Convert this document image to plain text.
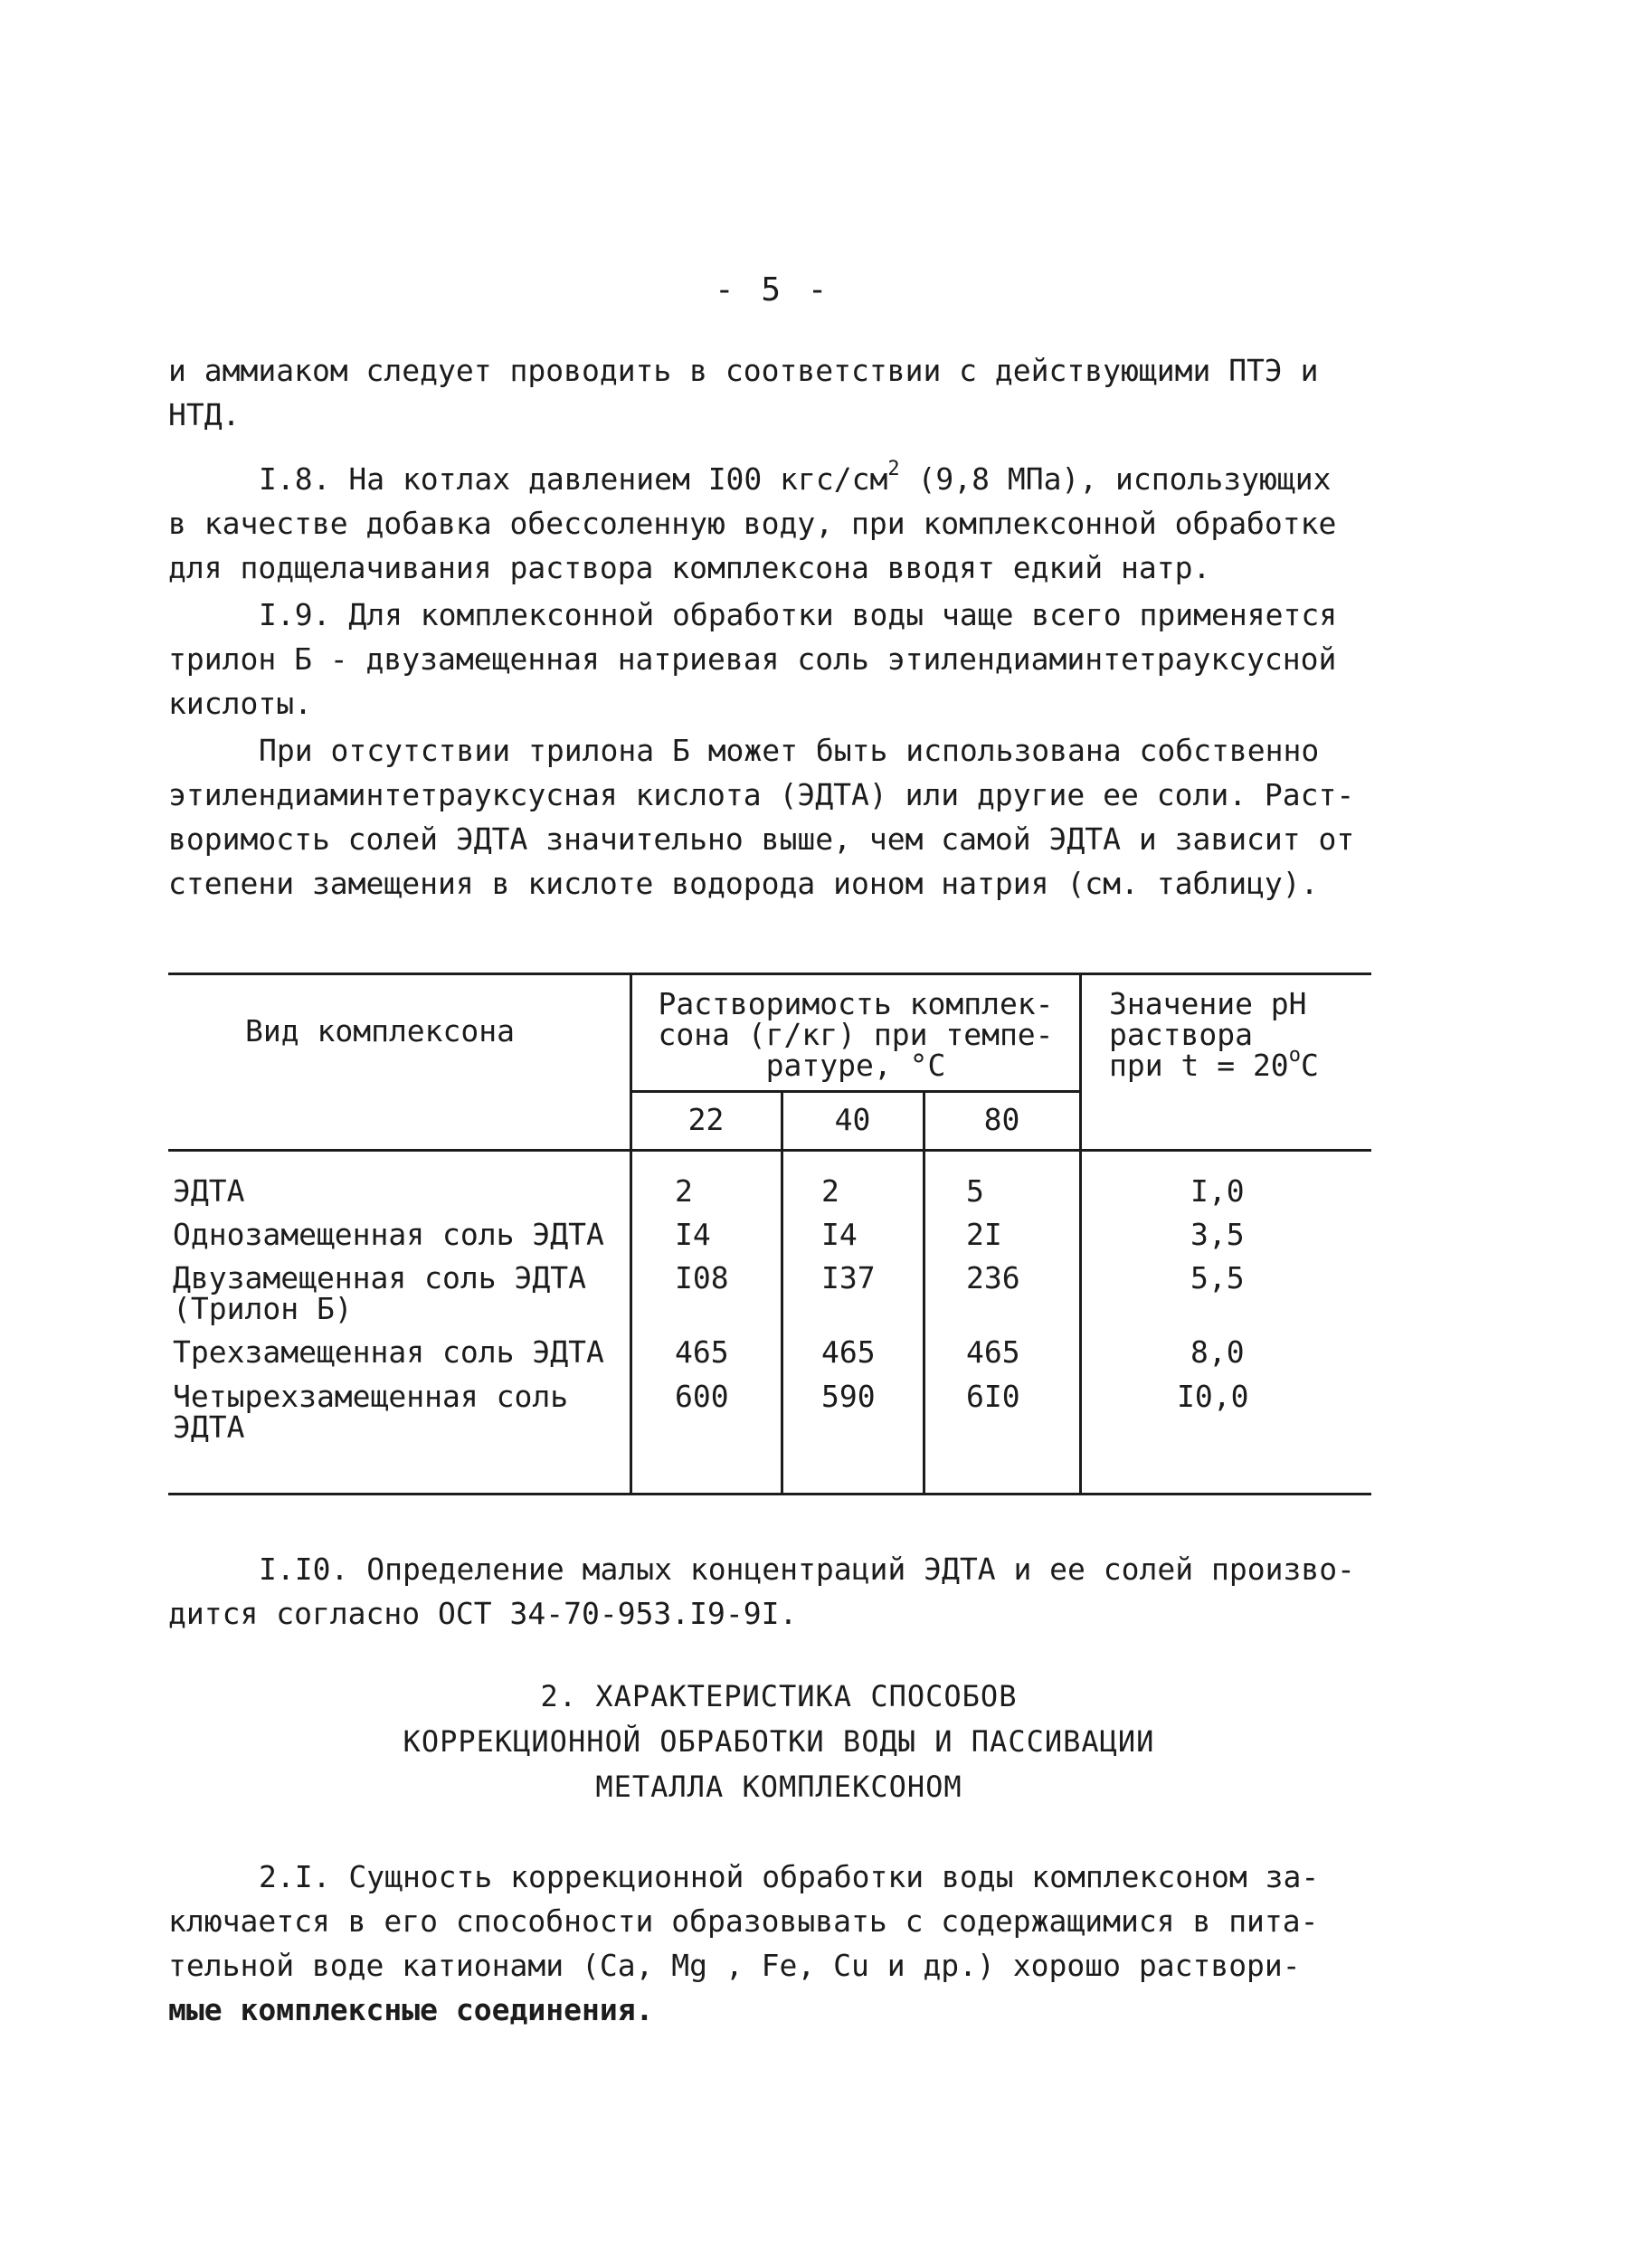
- 5 -
и аммиаком следует проводить в соответствии с действующими ПТЭ и
НТД.
I.8. На котлах давлением I00 кгс/$см^2$ (9,8 МПа), использующих
в качестве добавка обессоленную воду, при комплексонной обработке
для подщелачивания раствора комплексона вводят едкий натр.
I.9. Для комплексонной обработки воды чаще всего применяется
трилон Б - двузамещенная натриевая соль этилендиаминтетрауксусной
кислоты.
При отсутствии трилона Б может быть использована собственно
этилендиаминтетрауксусная кислота (ЭДТА) или другие ее соли. Раст-
воримость солей ЭДТА значительно выше, чем самой ЭДТА и зависит от
степени замещения в кислоте водорода ионом натрия (см. таблицу).
Вид комплексона
Растворимость комплек-
сона (г/кг) при темпе-
ратуре, °С
Значение рН
раствора
при $t = 20^оС$
22	40	80
ЭДТА	2	2	5	I,0
Однозамещенная соль ЭДТА I4	I4	2I	3,5
Двузамещенная соль ЭДТА
(Трилон Б)
I08	I37	236	5,5
Трехзамещенная соль ЭДТА 465	465	465	8,0
Четырехзамещенная соль
ЭДТА
600	590	6I0	I0,0
I.I0. Определение малых концентраций ЭДТА и ее солей произво-
дится согласно ОСТ 34-70-953.I9-9I.
2. ХАРАКТЕРИСТИКА СПОСОБОВ
КОРРЕКЦИОННОЙ ОБРАБОТКИ ВОДЫ И ПАССИВАЦИИ
МЕТАЛЛА КОМПЛЕКСОНОМ
2.I. Сущность коррекционной обработки воды комплексоном за-
ключается в его способности образовывать с содержащимися в пита-
тельной воде катионами (Са, Mg , Fe, Cu и др.) хорошо раствори-
мые комплексные соединения.
